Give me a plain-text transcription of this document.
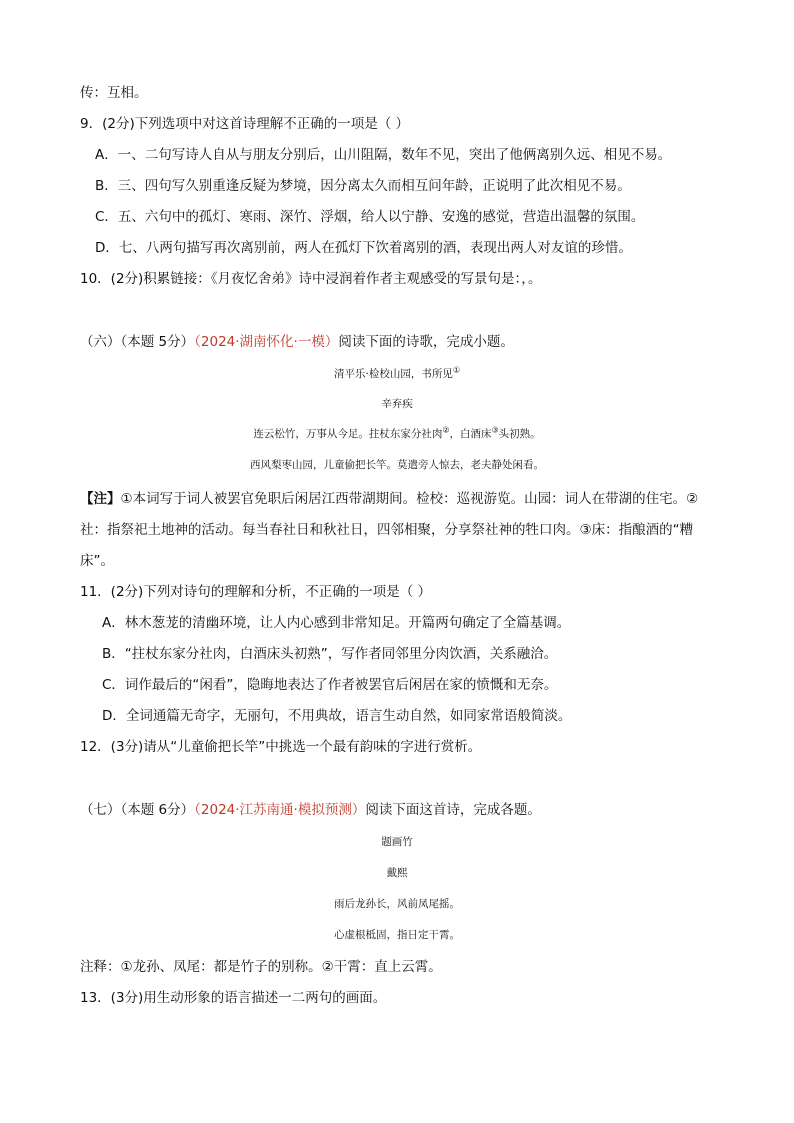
传：互相。
9．(2分)下列选项中对这首诗理解不正确的一项是（ ）
A．一、二句写诗人自从与朋友分别后，山川阻隔，数年不见，突出了他俩离别久远、相见不易。
B．三、四句写久别重逢反疑为梦境，因分离太久而相互问年龄，正说明了此次相见不易。
C．五、六句中的孤灯、寒雨、深竹、浮烟，给人以宁静、安逸的感觉，营造出温馨的氛围。
D．七、八两句描写再次离别前，两人在孤灯下饮着离别的酒，表现出两人对友谊的珍惜。
10．(2分)积累链接：《月夜忆舍弟》诗中浸润着作者主观感受的写景句是：，。
（六）（本题 5分）（2024·湖南怀化·一模）阅读下面的诗歌，完成小题。
清平乐·检校山园，书所见①
辛弃疾
连云松竹，万事从今足。拄杖东家分社肉②，白酒床③头初熟。
西风梨枣山园，儿童偷把长竿。莫遣旁人惊去，老夫静处闲看。
【注】①本词写于词人被罢官免职后闲居江西带湖期间。检校：巡视游览。山园：词人在带湖的住宅。②
社：指祭祀土地神的活动。每当春社日和秋社日，四邻相聚，分享祭社神的牲口肉。③床：指酿酒的“糟
床”。
11．(2分)下列对诗句的理解和分析，不正确的一项是（ ）
A．林木葱茏的清幽环境，让人内心感到非常知足。开篇两句确定了全篇基调。
B．“拄杖东家分社肉，白酒床头初熟”，写作者同邻里分肉饮酒，关系融洽。
C．词作最后的“闲看”，隐晦地表达了作者被罢官后闲居在家的愤慨和无奈。
D．全词通篇无奇字，无丽句，不用典故，语言生动自然，如同家常语般简淡。
12．(3分)请从“儿童偷把长竿”中挑选一个最有韵味的字进行赏析。
（七）（本题 6分）（2024·江苏南通·模拟预测）阅读下面这首诗，完成各题。
题画竹
戴熙
雨后龙孙长，风前凤尾摇。
心虚根柢固，指日定干霄。
注释：①龙孙、凤尾：都是竹子的别称。②干霄：直上云霄。
13．(3分)用生动形象的语言描述一二两句的画面。
